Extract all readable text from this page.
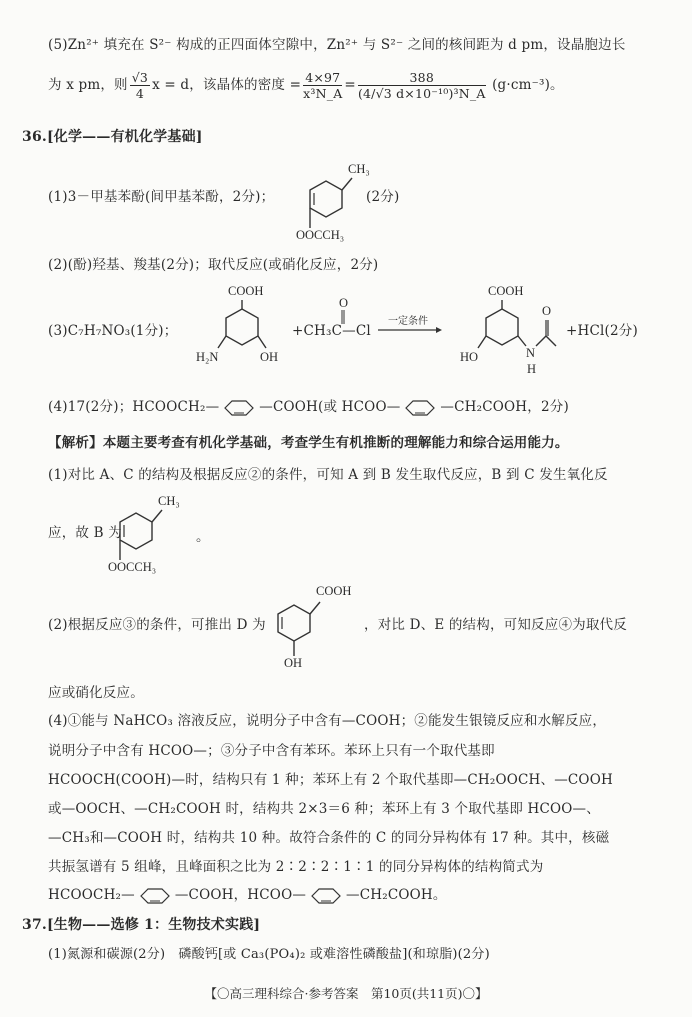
(5)Zn²⁺ 填充在 S²⁻ 构成的正四面体空隙中，Zn²⁺ 与 S²⁻ 之间的核间距为 d pm，设晶胞边长
为 x pm，则 $\frac{√3}{4}$ x = d，该晶体的密度 = $\frac{4\times 97}{\text{x³N\_A}} = \frac{388}{\text{(4/√3 d×10⁻¹⁰)³N\_A}} (g\cdot cm^{-3})$。
36.[化学——有机化学基础]
(1)3－甲基苯酚(间甲基苯酚，2分)；
CH₃
OOCCH₃
(2分)
(2)(酚)羟基、羧基(2分)；取代反应(或硝化反应，2分)
(3)C₇H₇NO₃(1分)；
COOH
H₂N	OH
+CH₃C—Cl
O
一定条件
COOH
HO	N
H
O
+HCl(2分)
(4)17(2分)；HCOOCH₂—	—COOH(或 HCOO—	—CH₂COOH，2分)
【解析】本题主要考查有机化学基础，考查学生有机推断的理解能力和综合运用能力。
(1)对比 A、C 的结构及根据反应②的条件，可知 A 到 B 发生取代反应，B 到 C 发生氧化反
应，故 B 为
CH₃
OOCCH₃
。
(2)根据反应③的条件，可推出 D 为
COOH
OH
，对比 D、E 的结构，可知反应④为取代反
应或硝化反应。
(4)①能与 NaHCO₃ 溶液反应，说明分子中含有—COOH；②能发生银镜反应和水解反应，
说明分子中含有 HCOO—；③分子中含有苯环。苯环上只有一个取代基即
HCOOCH(COOH)—时，结构只有 1 种；苯环上有 2 个取代基即—CH₂OOCH、—COOH
或—OOCH、—CH₂COOH 时，结构共 2×3＝6 种；苯环上有 3 个取代基即 HCOO—、
—CH₃和—COOH 时，结构共 10 种。故符合条件的 C 的同分异构体有 17 种。其中，核磁
共振氢谱有 5 组峰，且峰面积之比为 2∶2∶2∶1∶1 的同分异构体的结构简式为
HCOOCH₂—	—COOH，HCOO—	—CH₂COOH。
37.[生物——选修 1：生物技术实践]
(1)氮源和碳源(2分)　磷酸钙[或 Ca₃(PO₄)₂ 或难溶性磷酸盐](和琼脂)(2分)
【〇高三理科综合·参考答案　第10页(共11页)〇】
